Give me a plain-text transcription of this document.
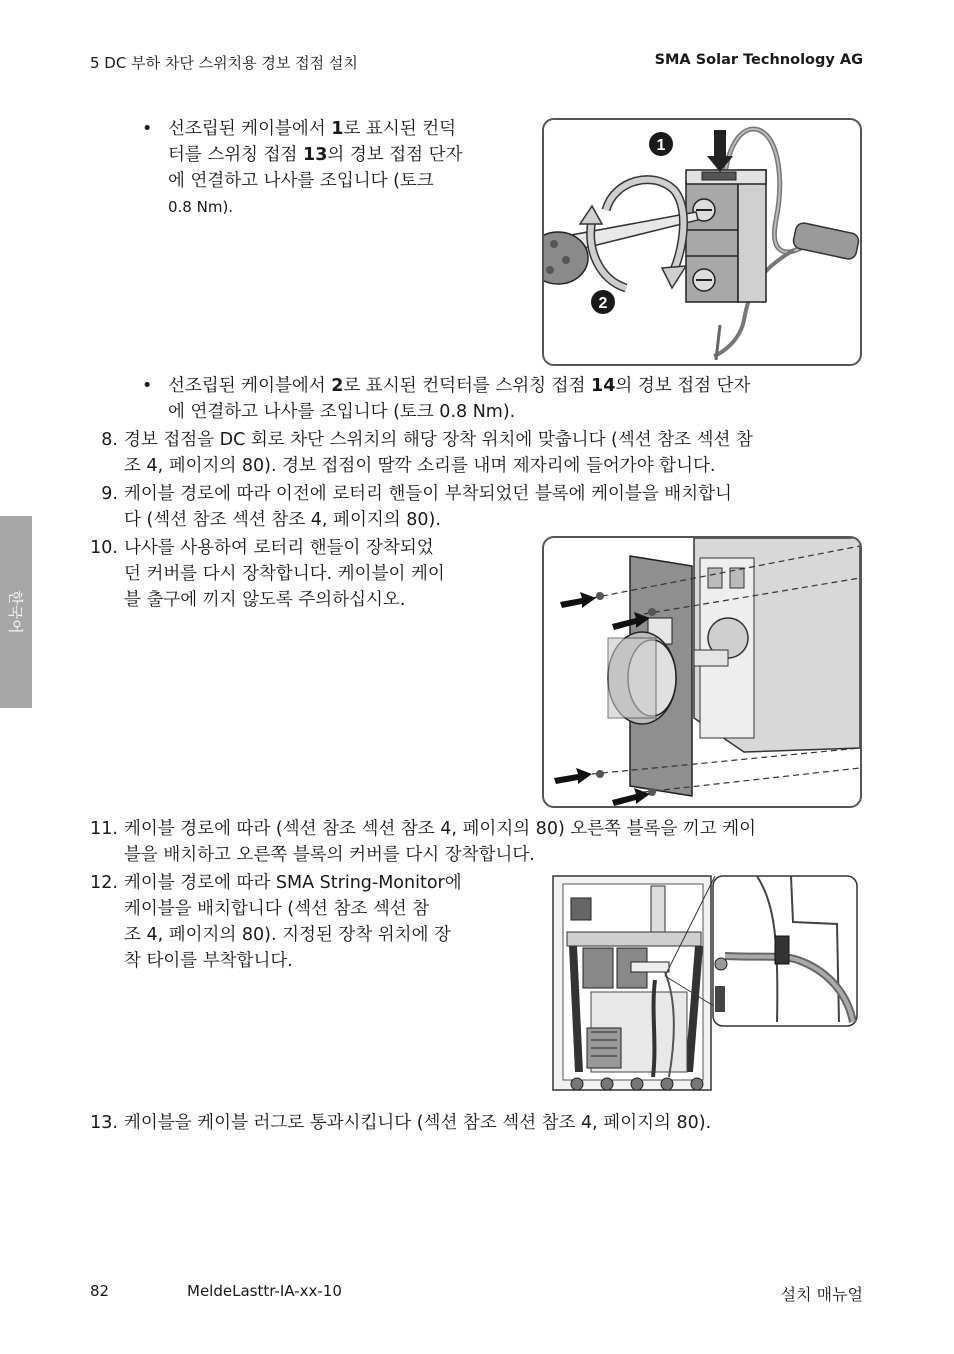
5 DC 부하 차단 스위치용 경보 접점 설치	SMA Solar Technology AG
한국어
• 선조립된 케이블에서 1로 표시된 컨덕
터를 스위칭 접점 13의 경보 접점 단자
에 연결하고 나사를 조입니다 (토크
0.8 Nm).
1
2
• 선조립된 케이블에서 2로 표시된 컨덕터를 스위칭 접점 14의 경보 접점 단자
에 연결하고 나사를 조입니다 (토크 0.8 Nm).
8. 경보 접점을 DC 회로 차단 스위치의 해당 장착 위치에 맞춥니다 (섹션 참조 섹션 참
조 4, 페이지의 80). 경보 접점이 딸깍 소리를 내며 제자리에 들어가야 합니다.
9. 케이블 경로에 따라 이전에 로터리 핸들이 부착되었던 블록에 케이블을 배치합니
다 (섹션 참조 섹션 참조 4, 페이지의 80).
10. 나사를 사용하여 로터리 핸들이 장착되었
던 커버를 다시 장착합니다. 케이블이 케이
블 출구에 끼지 않도록 주의하십시오.
11. 케이블 경로에 따라 (섹션 참조 섹션 참조 4, 페이지의 80) 오른쪽 블록을 끼고 케이
블을 배치하고 오른쪽 블록의 커버를 다시 장착합니다.
12. 케이블 경로에 따라 SMA String-Monitor에
케이블을 배치합니다 (섹션 참조 섹션 참
조 4, 페이지의 80). 지정된 장착 위치에 장
착 타이를 부착합니다.
13. 케이블을 케이블 러그로 통과시킵니다 (섹션 참조 섹션 참조 4, 페이지의 80).
82	MeldeLasttr-IA-xx-10	설치 매뉴얼
